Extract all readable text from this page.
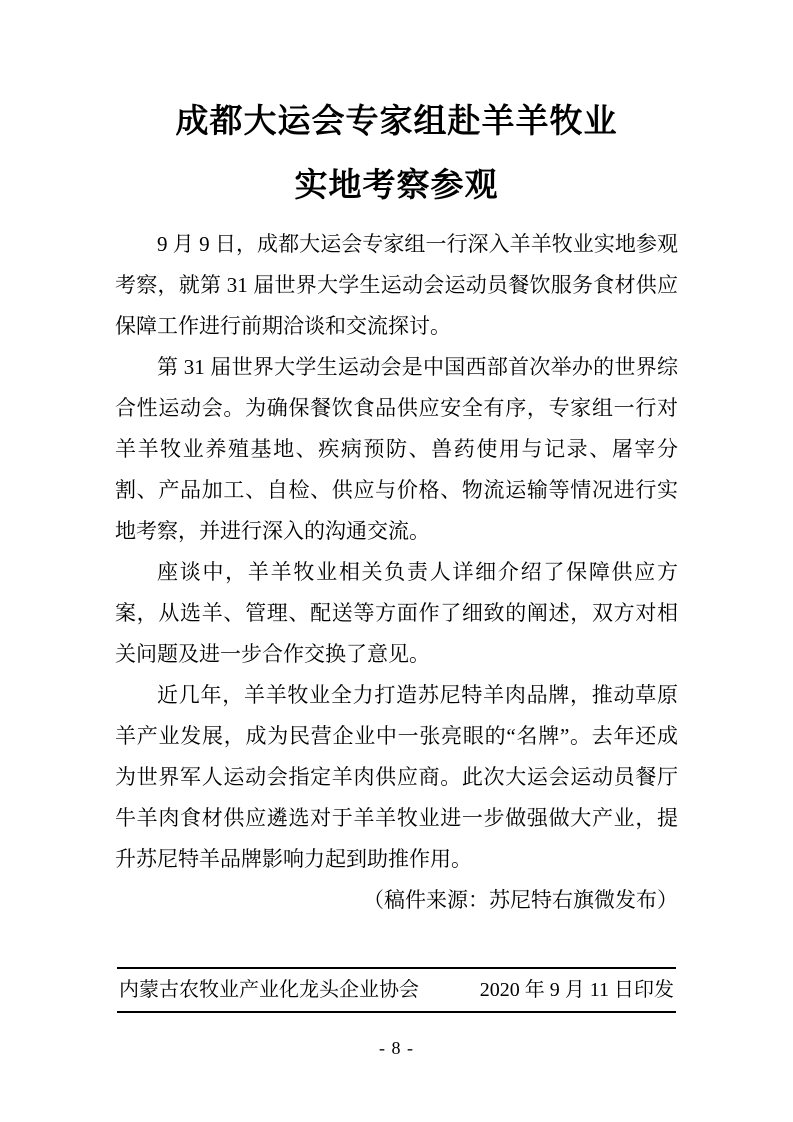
成都大运会专家组赴羊羊牧业
实地考察参观

9 月 9 日，成都大运会专家组一行深入羊羊牧业实地参观考察，就第 31 届世界大学生运动会运动员餐饮服务食材供应保障工作进行前期洽谈和交流探讨。

第 31 届世界大学生运动会是中国西部首次举办的世界综合性运动会。为确保餐饮食品供应安全有序，专家组一行对羊羊牧业养殖基地、疾病预防、兽药使用与记录、屠宰分割、产品加工、自检、供应与价格、物流运输等情况进行实地考察，并进行深入的沟通交流。

座谈中，羊羊牧业相关负责人详细介绍了保障供应方案，从选羊、管理、配送等方面作了细致的阐述，双方对相关问题及进一步合作交换了意见。

近几年，羊羊牧业全力打造苏尼特羊肉品牌，推动草原羊产业发展，成为民营企业中一张亮眼的“名牌”。去年还成为世界军人运动会指定羊肉供应商。此次大运会运动员餐厅牛羊肉食材供应遴选对于羊羊牧业进一步做强做大产业，提升苏尼特羊品牌影响力起到助推作用。

（稿件来源：苏尼特右旗微发布）

内蒙古农牧业产业化龙头企业协会	2020 年 9 月 11 日印发
- 8 -
